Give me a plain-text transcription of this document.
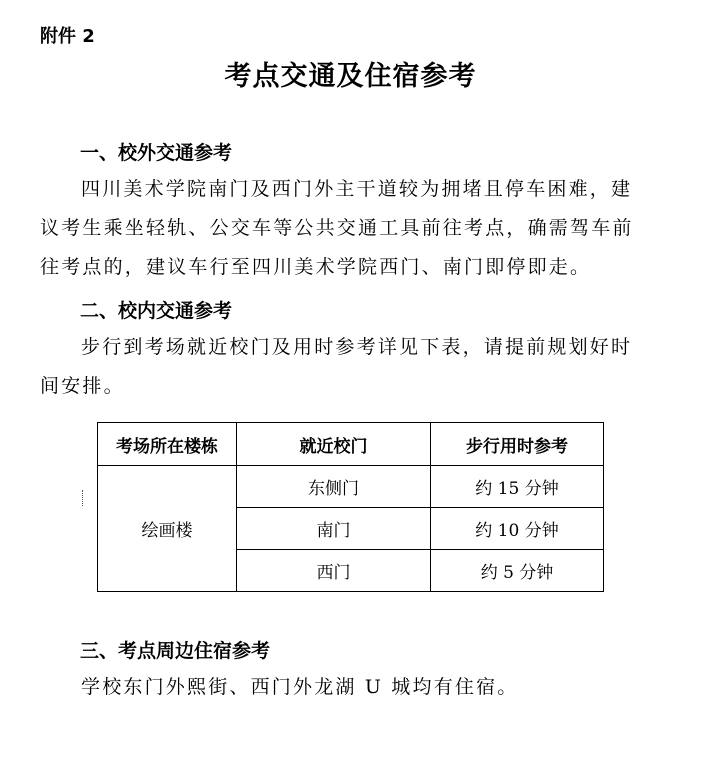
附件 2
考点交通及住宿参考
一、校外交通参考

四川美术学院南门及西门外主干道较为拥堵且停车困难，建议考生乘坐轻轨、公交车等公共交通工具前往考点，确需驾车前往考点的，建议车行至四川美术学院西门、南门即停即走。

二、校内交通参考

步行到考场就近校门及用时参考详见下表，请提前规划好时间安排。

考场所在楼栋	就近校门	步行用时参考
绘画楼	东侧门	约 15 分钟
	南门	约 10 分钟
	西门	约 5 分钟
三、考点周边住宿参考

学校东门外熙街、西门外龙湖 U 城均有住宿。
